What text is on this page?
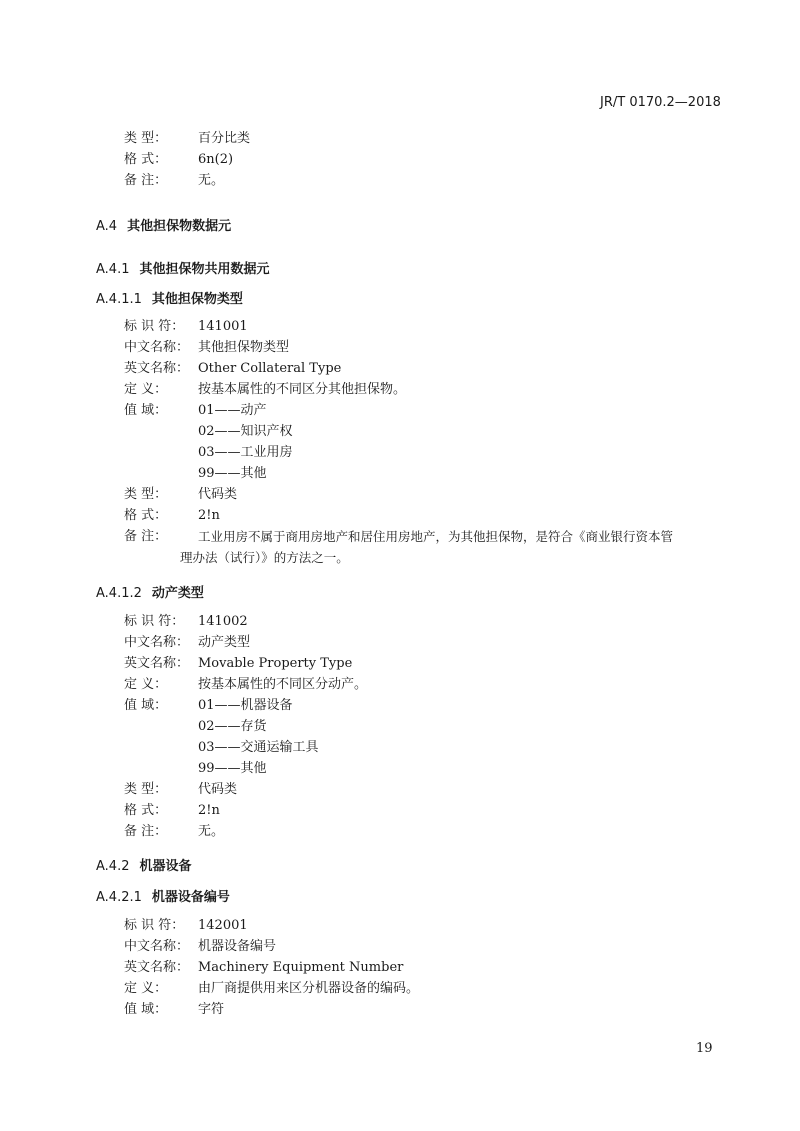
JR/T 0170.2—2018
类 型： 百分比类
格 式： 6n(2)
备 注： 无。
A.4 其他担保物数据元
A.4.1 其他担保物共用数据元
A.4.1.1 其他担保物类型
标 识 符： 141001
中文名称： 其他担保物类型
英文名称： Other Collateral Type
定 义： 按基本属性的不同区分其他担保物。
值 域： 01——动产
02——知识产权
03——工业用房
99——其他
类 型： 代码类
格 式： 2!n
备 注： 工业用房不属于商用房地产和居住用房地产，为其他担保物，是符合《商业银行资本管
理办法（试行）》的方法之一。
A.4.1.2 动产类型
标 识 符： 141002
中文名称： 动产类型
英文名称： Movable Property Type
定 义： 按基本属性的不同区分动产。
值 域： 01——机器设备
02——存货
03——交通运输工具
99——其他
类 型： 代码类
格 式： 2!n
备 注： 无。
A.4.2 机器设备
A.4.2.1 机器设备编号
标 识 符： 142001
中文名称： 机器设备编号
英文名称： Machinery Equipment Number
定 义： 由厂商提供用来区分机器设备的编码。
值 域： 字符
19
